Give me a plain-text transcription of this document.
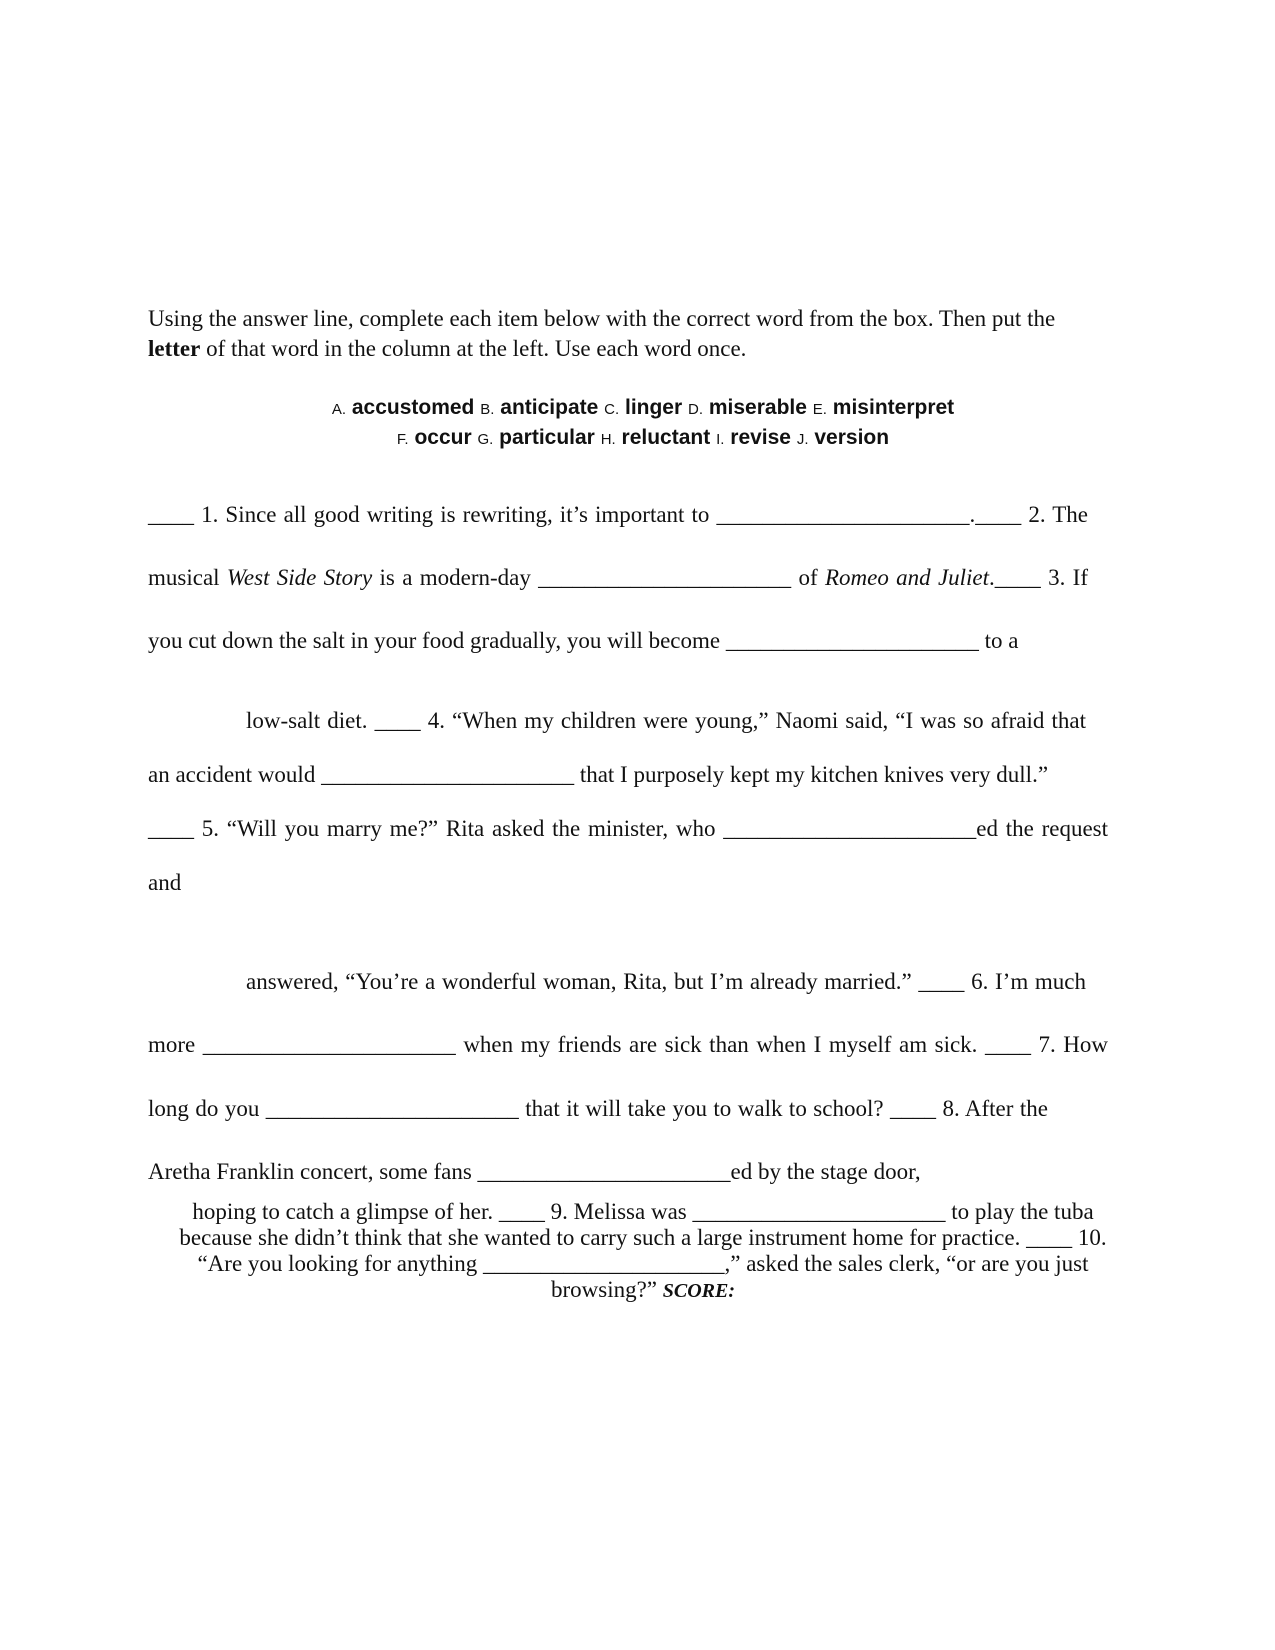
Using the answer line, complete each item below with the correct word from the box. Then put the
letter of that word in the column at the left. Use each word once.
A. accustomed B. anticipate C. linger D. miserable E. misinterpret
F. occur G. particular H. reluctant I. revise J. version
____ 1. Since all good writing is rewriting, it’s important to ______________________.____ 2. The
musical West Side Story is a modern-day ______________________ of Romeo and Juliet.____ 3. If
you cut down the salt in your food gradually, you will become ______________________ to a
low-salt diet. ____ 4. “When my children were young,” Naomi said, “I was so afraid that
an accident would ______________________ that I purposely kept my kitchen knives very dull.”
____ 5. “Will you marry me?” Rita asked the minister, who ______________________ed the request
and
answered, “You’re a wonderful woman, Rita, but I’m already married.” ____ 6. I’m much
more ______________________ when my friends are sick than when I myself am sick. ____ 7. How
long do you ______________________ that it will take you to walk to school? ____ 8. After the
Aretha Franklin concert, some fans ______________________ed by the stage door,
hoping to catch a glimpse of her. ____ 9. Melissa was ______________________ to play the tuba
because she didn’t think that she wanted to carry such a large instrument home for practice. ____ 10.
“Are you looking for anything _____________________,” asked the sales clerk, “or are you just
browsing?” SCORE:
